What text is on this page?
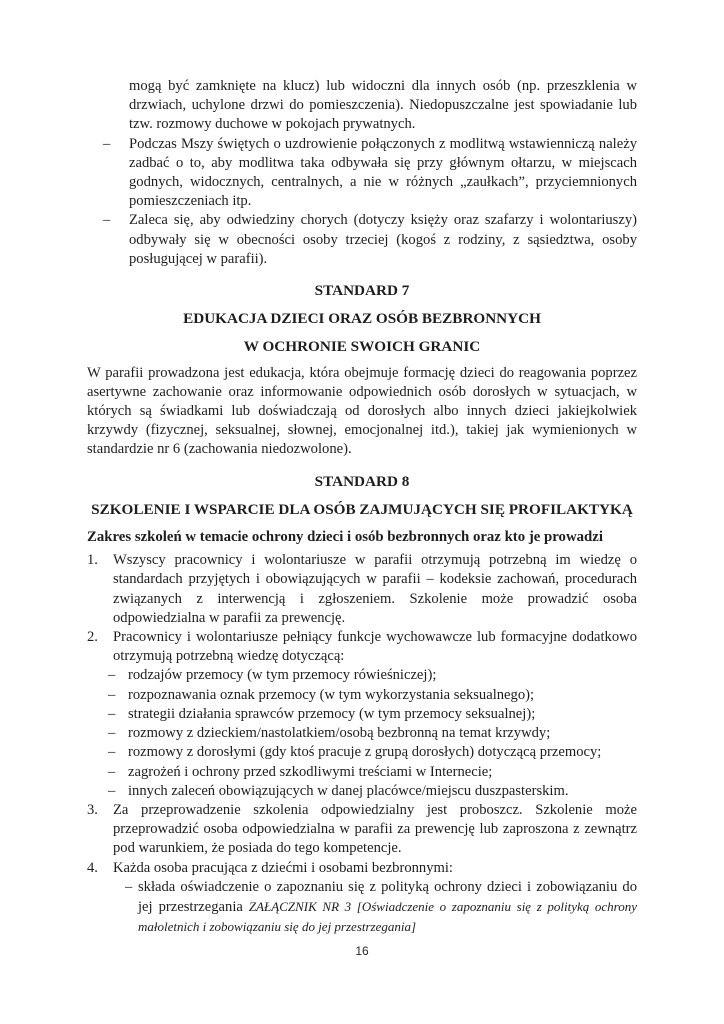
mogą być zamknięte na klucz) lub widoczni dla innych osób (np. przeszklenia w drzwiach, uchylone drzwi do pomieszczenia). Niedopuszczalne jest spowiadanie lub tzw. rozmowy duchowe w pokojach prywatnych.

–	Podczas Mszy świętych o uzdrowienie połączonych z modlitwą wstawienniczą należy zadbać o to, aby modlitwa taka odbywała się przy głównym ołtarzu, w miejscach godnych, widocznych, centralnych, a nie w różnych „zaułkach”, przyciemnionych pomieszczeniach itp.
–	Zaleca się, aby odwiedziny chorych (dotyczy księży oraz szafarzy i wolontariuszy) odbywały się w obecności osoby trzeciej (kogoś z rodziny, z sąsiedztwa, osoby posługującej w parafii).
STANDARD 7
EDUKACJA DZIECI ORAZ OSÓB BEZBRONNYCH
W OCHRONIE SWOICH GRANIC

W parafii prowadzona jest edukacja, która obejmuje formację dzieci do reagowania poprzez asertywne zachowanie oraz informowanie odpowiednich osób dorosłych w sytuacjach, w których są świadkami lub doświadczają od dorosłych albo innych dzieci jakiejkolwiek krzywdy (fizycznej, seksualnej, słownej, emocjonalnej itd.), takiej jak wymienionych w standardzie nr 6 (zachowania niedozwolone).

STANDARD 8
SZKOLENIE I WSPARCIE DLA OSÓB ZAJMUJĄCYCH SIĘ PROFILAKTYKĄ
Zakres szkoleń w temacie ochrony dzieci i osób bezbronnych oraz kto je prowadzi
1.	Wszyscy pracownicy i wolontariusze w parafii otrzymują potrzebną im wiedzę o standardach przyjętych i obowiązujących w parafii – kodeksie zachowań, procedurach związanych z interwencją i zgłoszeniem. Szkolenie może prowadzić osoba odpowiedzialna w parafii za prewencję.
2.	Pracownicy i wolontariusze pełniący funkcje wychowawcze lub formacyjne dodatkowo otrzymują potrzebną wiedzę dotyczącą:
– rodzajów przemocy (w tym przemocy rówieśniczej);
– rozpoznawania oznak przemocy (w tym wykorzystania seksualnego);
– strategii działania sprawców przemocy (w tym przemocy seksualnej);
– rozmowy z dzieckiem/nastolatkiem/osobą bezbronną na temat krzywdy;
– rozmowy z dorosłymi (gdy ktoś pracuje z grupą dorosłych) dotyczącą przemocy;
– zagrożeń i ochrony przed szkodliwymi treściami w Internecie;
– innych zaleceń obowiązujących w danej placówce/miejscu duszpasterskim.
3.	Za przeprowadzenie szkolenia odpowiedzialny jest proboszcz. Szkolenie może przeprowadzić osoba odpowiedzialna w parafii za prewencję lub zaproszona z zewnątrz pod warunkiem, że posiada do tego kompetencje.
4.	Każda osoba pracująca z dziećmi i osobami bezbronnymi:
– składa oświadczenie o zapoznaniu się z polityką ochrony dzieci i zobowiązaniu do jej przestrzegania ZAŁĄCZNIK NR 3 [Oświadczenie o zapoznaniu się z polityką ochrony małoletnich i zobowiązaniu się do jej przestrzegania]
16
